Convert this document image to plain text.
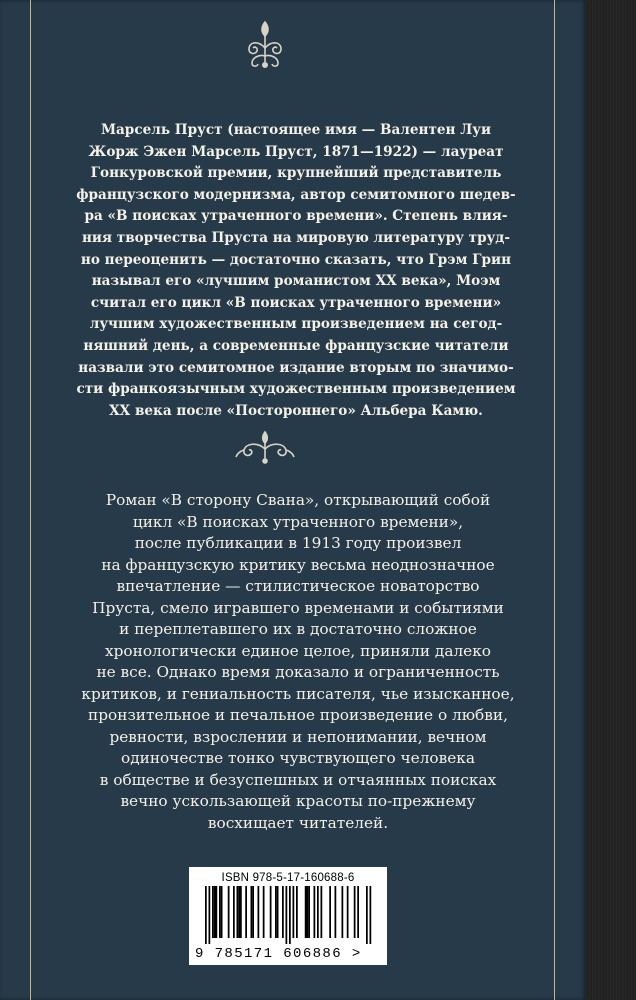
Марсель Пруст (настоящее имя — Валентен Луи
Жорж Эжен Марсель Пруст, 1871—1922) — лауреат
Гонкуровской премии, крупнейший представитель
французского модернизма, автор семитомного шедев-
ра «В поисках утраченного времени». Степень влия-
ния творчества Пруста на мировую литературу труд-
но переоценить — достаточно сказать, что Грэм Грин
называл его «лучшим романистом XX века», Моэм
считал его цикл «В поисках утраченного времени»
лучшим художественным произведением на сегод-
няшний день, а современные французские читатели
назвали это семитомное издание вторым по значимо-
сти франкоязычным художественным произведением
XX века после «Постороннего» Альбера Камю.
Роман «В сторону Свана», открывающий собой
цикл «В поисках утраченного времени»,
после публикации в 1913 году произвел
на французскую критику весьма неоднозначное
впечатление — стилистическое новаторство
Пруста, смело игравшего временами и событиями
и переплетавшего их в достаточно сложное
хронологически единое целое, приняли далеко
не все. Однако время доказало и ограниченность
критиков, и гениальность писателя, чье изысканное,
пронзительное и печальное произведение о любви,
ревности, взрослении и непонимании, вечном
одиночестве тонко чувствующего человека
в обществе и безуспешных и отчаянных поисках
вечно ускользающей красоты по-прежнему
восхищает читателей.
ISBN 978-5-17-160688-6
9 785171 606886 >
